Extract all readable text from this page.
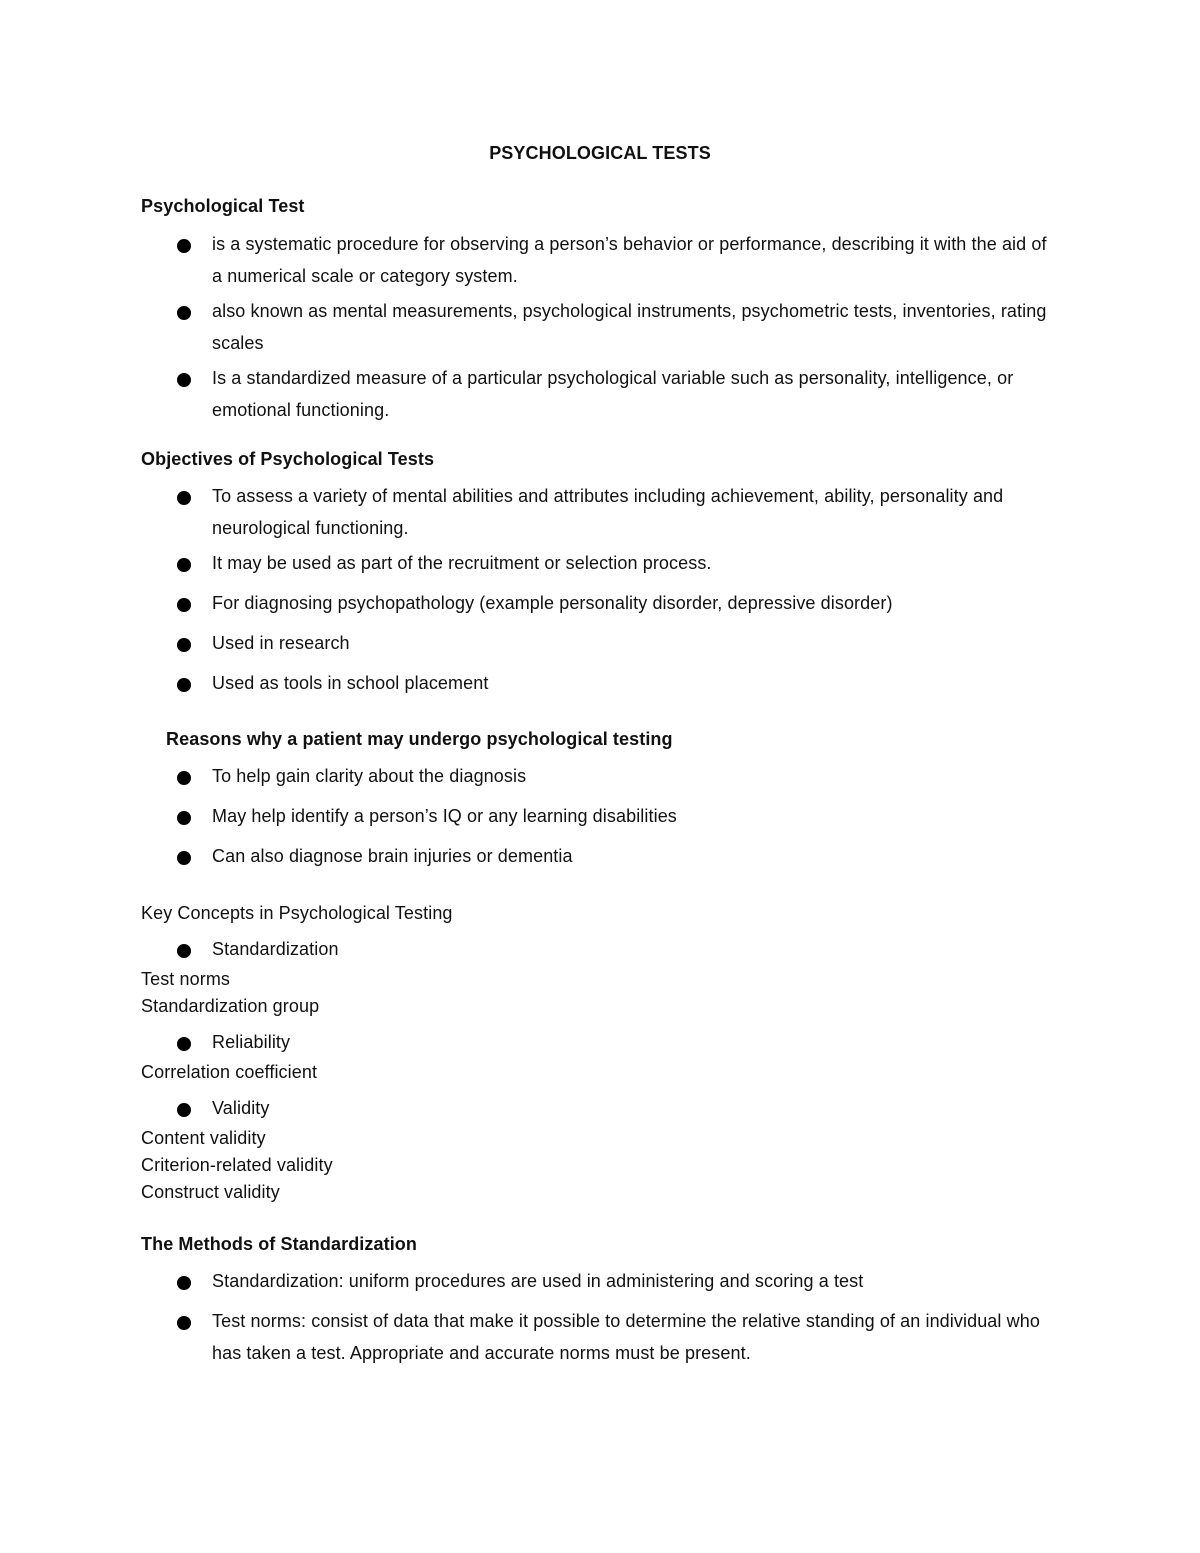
PSYCHOLOGICAL TESTS
Psychological Test
is a systematic procedure for observing a person’s behavior or performance, describing it with the aid of a numerical scale or category system.
also known as mental measurements, psychological instruments, psychometric tests, inventories, rating scales
Is a standardized measure of a particular psychological variable such as personality, intelligence, or emotional functioning.
Objectives of Psychological Tests
To assess a variety of mental abilities and attributes including achievement, ability, personality and neurological functioning.
It may be used as part of the recruitment or selection process.
For diagnosing psychopathology (example personality disorder, depressive disorder)
Used in research
Used as tools in school placement
Reasons why a patient may undergo psychological testing
To help gain clarity about the diagnosis
May help identify a person’s IQ or any learning disabilities
Can also diagnose brain injuries or dementia
Key Concepts in Psychological Testing
Standardization
Test norms
Standardization group
Reliability
Correlation coefficient
Validity
Content validity
Criterion-related validity
Construct validity
The Methods of Standardization
Standardization: uniform procedures are used in administering and scoring a test
Test norms: consist of data that make it possible to determine the relative standing of an individual who has taken a test. Appropriate and accurate norms must be present.
